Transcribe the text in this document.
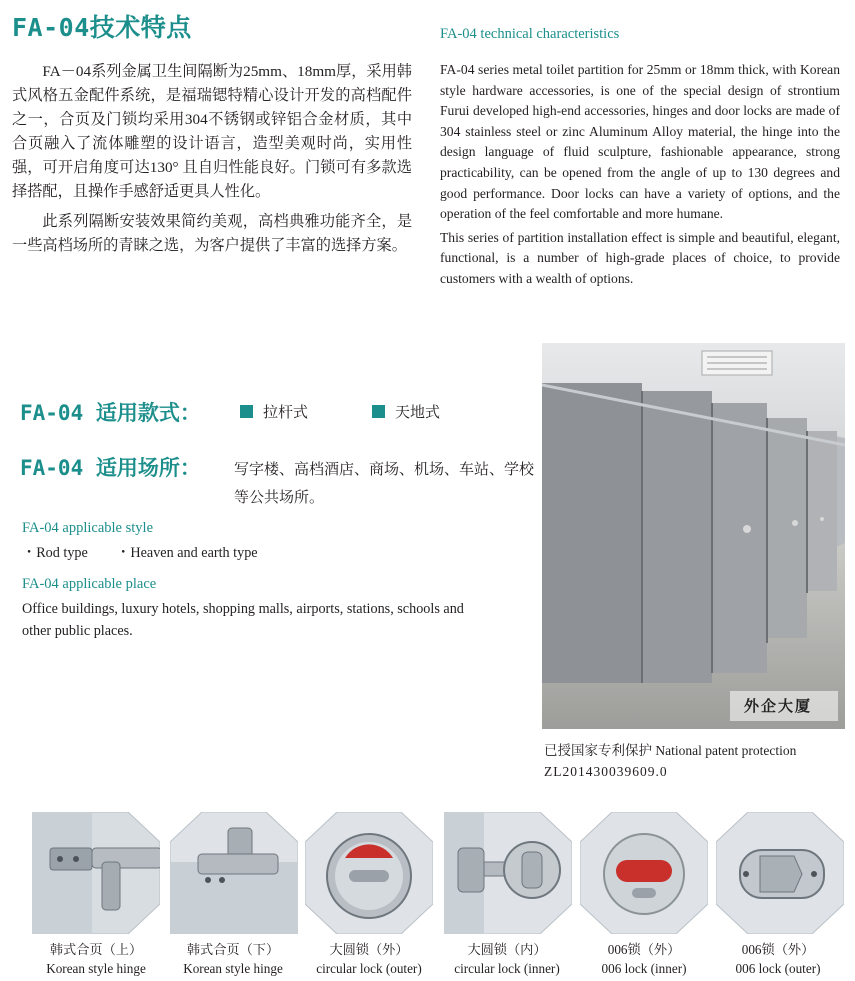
FA-04技术特点

FA－04系列金属卫生间隔断为25mm、18mm厚，采用韩式风格五金配件系统，是福瑞锶特精心设计开发的高档配件之一，合页及门锁均采用304不锈钢或锌铝合金材质，其中合页融入了流体雕塑的设计语言，造型美观时尚，实用性强，可开启角度可达130° 且自归性能良好。门锁可有多款选择搭配，且操作手感舒适更具人性化。

此系列隔断安装效果简约美观，高档典雅功能齐全，是一些高档场所的青睐之选，为客户提供了丰富的选择方案。

FA-04 technical characteristics

FA-04 series metal toilet partition for 25mm or 18mm thick, with Korean style hardware accessories, is one of the special design of strontium Furui developed high-end accessories, hinges and door locks are made of 304 stainless steel or zinc Aluminum Alloy material, the hinge into the design language of fluid sculpture, fashionable appearance, strong practicability, can be opened from the angle of up to 130 degrees and good performance. Door locks can have a variety of options, and the operation of the feel comfortable and more humane.

This series of partition installation effect is simple and beautiful, elegant, functional, is a number of high-grade places of choice, to provide customers with a wealth of options.

FA-04 适用款式：	拉杆式	天地式
FA-04 适用场所： 写字楼、高档酒店、商场、机场、车站、学校等公共场所。
FA-04 applicable style
・Rod type　　・Heaven and earth type
FA-04 applicable place
Office buildings, luxury hotels, shopping malls, airports, stations, schools and other public places.
外企大厦
已授国家专利保护 National patent protection
ZL201430039609.0
韩式合页（上）
Korean style hinge
韩式合页（下）
Korean style hinge
大圆锁（外）
circular lock (outer)
大圆锁（内）
circular lock (inner)
006锁（外）
006 lock (inner)
006锁（外）
006 lock (outer)
